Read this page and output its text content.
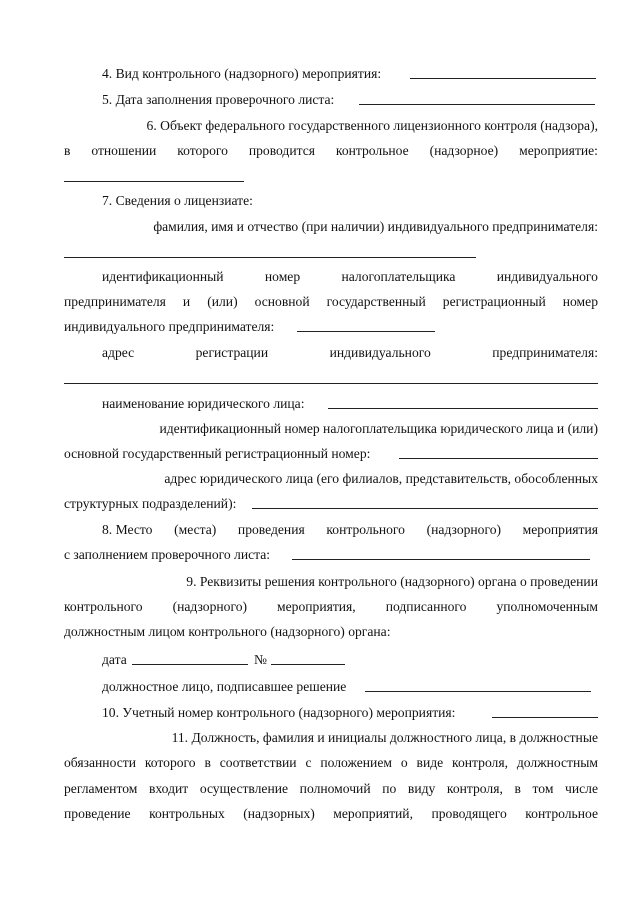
4. Вид контрольного (надзорного) мероприятия:
5. Дата заполнения проверочного листа:
6. Объект федерального государственного лицензионного контроля (надзора),
в отношении которого проводится контрольное (надзорное) мероприятие:
7. Сведения о лицензиате:
фамилия, имя и отчество (при наличии) индивидуального предпринимателя:
идентификационный	номер	налогоплательщика	индивидуального
предпринимателя и (или) основной государственный регистрационный номер
индивидуального предпринимателя:
адрес	регистрации	индивидуального	предпринимателя:
наименование юридического лица:
идентификационный номер налогоплательщика юридического лица и (или)
основной государственный регистрационный номер:
адрес юридического лица (его филиалов, представительств, обособленных
структурных подразделений):
8. Место (места) проведения контрольного (надзорного) мероприятия
с заполнением проверочного листа:
9. Реквизиты решения контрольного (надзорного) органа о проведении
контрольного (надзорного) мероприятия, подписанного уполномоченным
должностным лицом контрольного (надзорного) органа:
дата	№
должностное лицо, подписавшее решение
10. Учетный номер контрольного (надзорного) мероприятия:
11. Должность, фамилия и инициалы должностного лица, в должностные
обязанности которого в соответствии с положением о виде контроля, должностным
регламентом входит осуществление полномочий по виду контроля, в том числе
проведение контрольных (надзорных) мероприятий, проводящего контрольное
